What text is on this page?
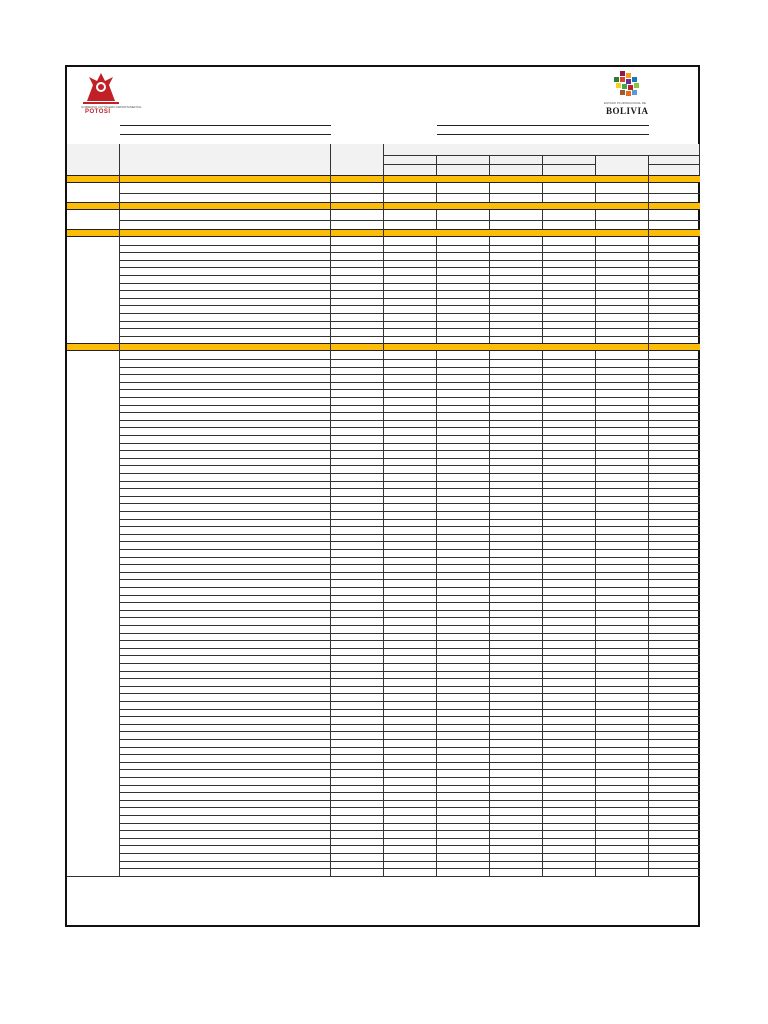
GOBIERNO AUTÓNOMO DEPARTAMENTAL
POTOSÍ
ESTADO PLURINACIONAL DE
BOLIVIA
